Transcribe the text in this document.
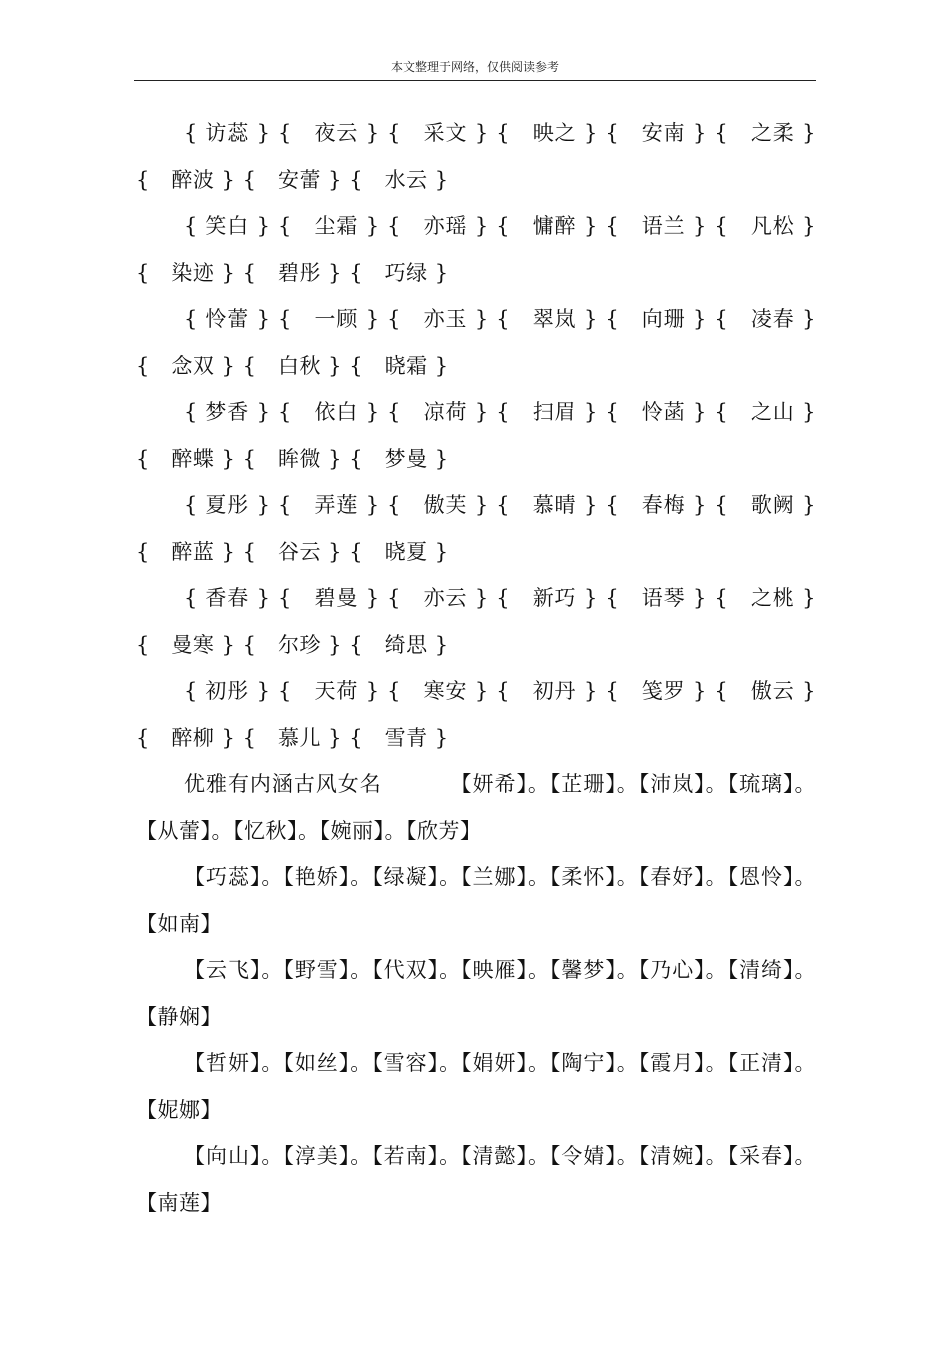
本文整理于网络，仅供阅读参考

{ 访蕊 } {   夜云 } {   采文 } {   映之 } {   安南 } {   之柔 } {   醉波 } {   安蕾 } {   水云 }

{ 笑白 } {   尘霜 } {   亦瑶 } {   慵醉 } {   语兰 } {   凡松 } {   染迹 } {   碧彤 } {   巧绿 }

{ 怜蕾 } {   一顾 } {   亦玉 } {   翠岚 } {   向珊 } {   凌春 } {   念双 } {   白秋 } {   晓霜 }

{ 梦香 } {   依白 } {   凉荷 } {   扫眉 } {   怜菡 } {   之山 } {   醉蝶 } {   眸微 } {   梦曼 }

{ 夏彤 } {   弄莲 } {   傲芙 } {   慕晴 } {   春梅 } {   歌阙 } {   醉蓝 } {   谷云 } {   晓夏 }

{ 香春 } {   碧曼 } {   亦云 } {   新巧 } {   语琴 } {   之桃 } {   曼寒 } {   尔珍 } {   绮思 }

{ 初彤 } {   天荷 } {   寒安 } {   初丹 } {   笺罗 } {   傲云 } {   醉柳 } {   慕儿 } {   雪青 }

优雅有内涵古风女名         【妍希】。【芷珊】。【沛岚】。【琉璃】。【从蕾】。【忆秋】。【婉丽】。【欣芳】

【巧蕊】。【艳娇】。【绿凝】。【兰娜】。【柔怀】。【春妤】。【恩怜】。【如南】

【云飞】。【野雪】。【代双】。【映雁】。【馨梦】。【乃心】。【清绮】。【静娴】

【哲妍】。【如丝】。【雪容】。【娟妍】。【陶宁】。【霞月】。【正清】。【妮娜】

【向山】。【淳美】。【若南】。【清懿】。【令婧】。【清婉】。【采春】。【南莲】
